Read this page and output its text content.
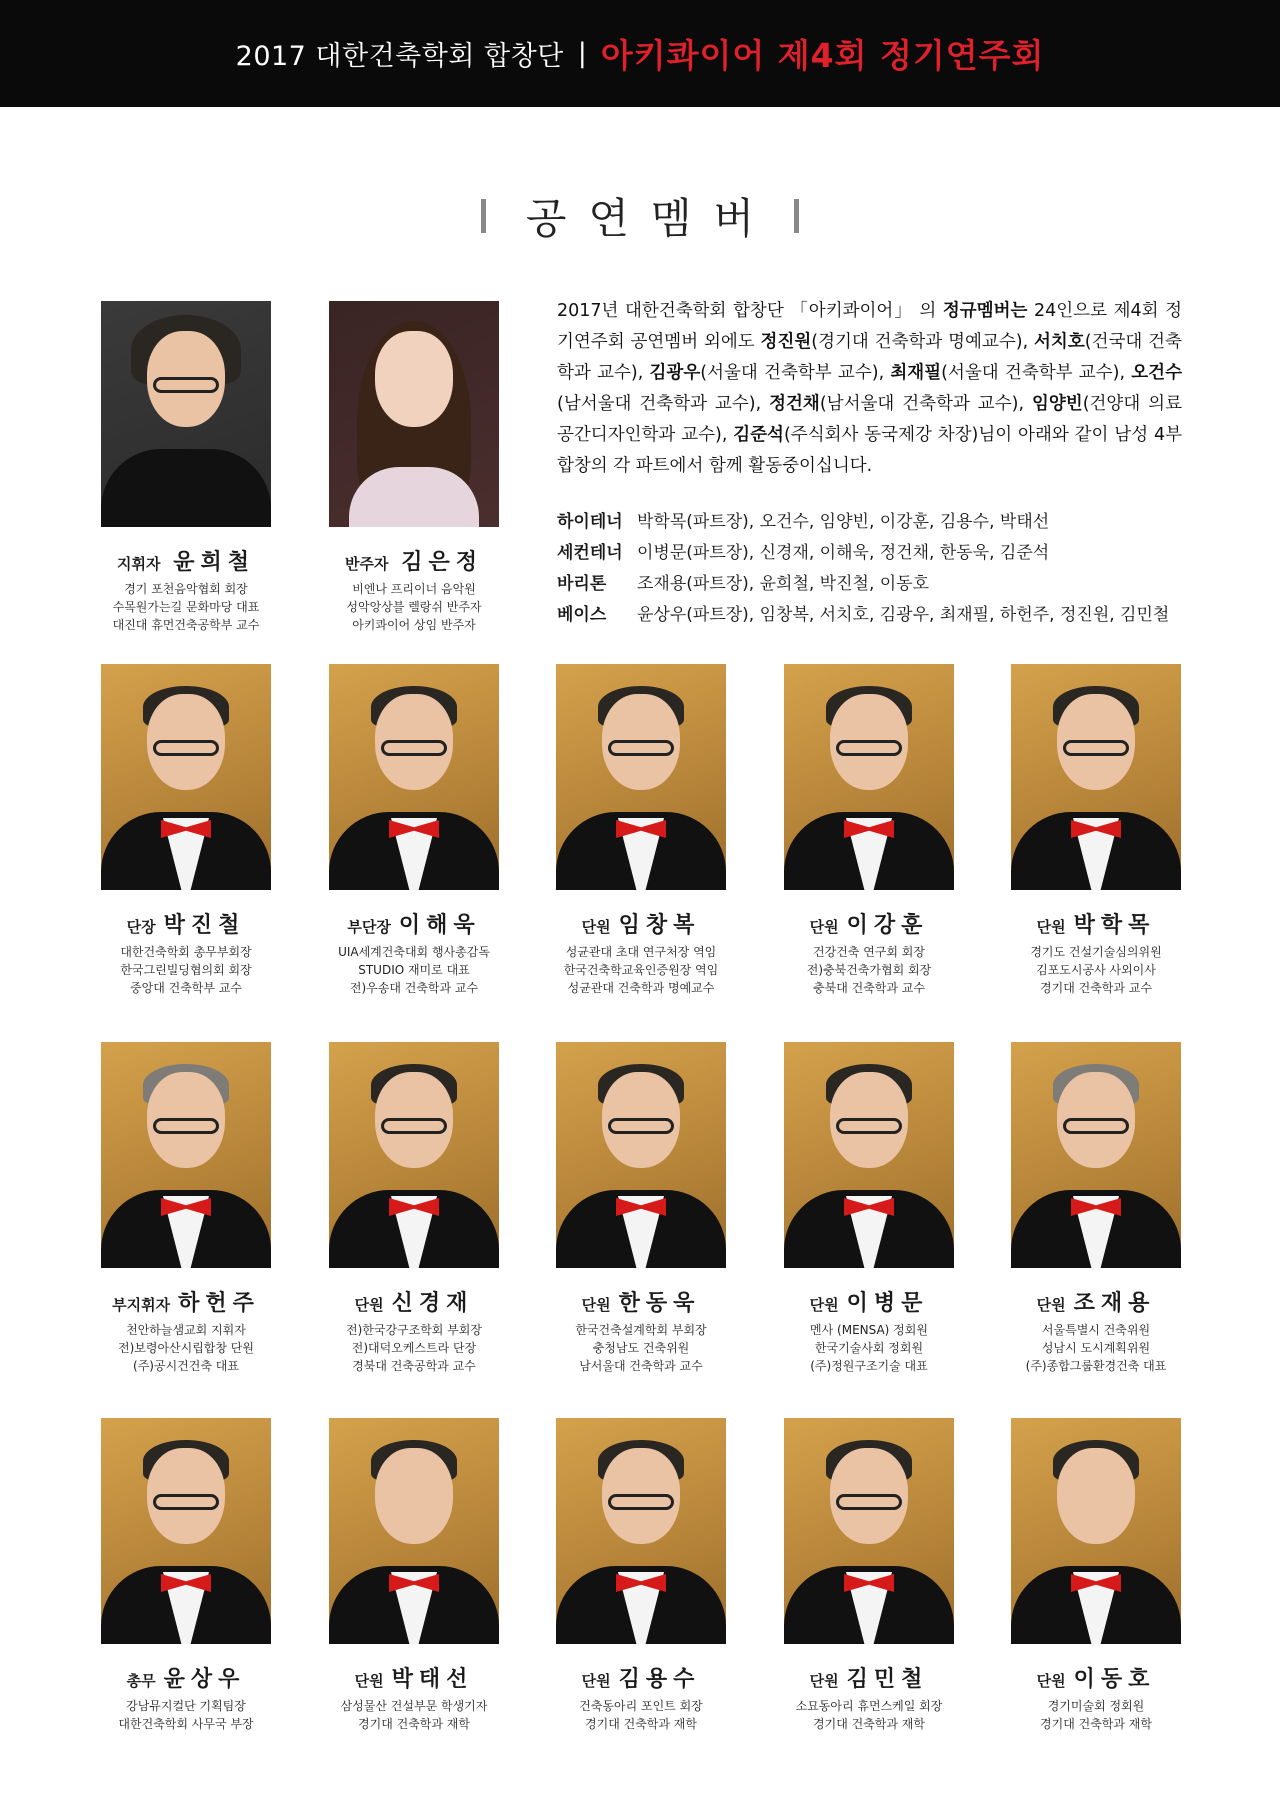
2017 대한건축학회 합창단 | 아키콰이어 제4회 정기연주회
공연멤버
지휘자 윤희철
경기 포천음악협회 회장
수목원가는길 문화마당 대표
대진대 휴먼건축공학부 교수
반주자 김은정
비엔나 프리이너 음악원
성악앙상블 렐랑쉬 반주자
아키콰이어 상임 반주자
2017년 대한건축학회 합창단 「아키콰이어」 의 정규멤버는 24인으로 제4회 정기연주회 공연멤버 외에도 정진원(경기대 건축학과 명예교수), 서치호(건국대 건축학과 교수), 김광우(서울대 건축학부 교수), 최재필(서울대 건축학부 교수), 오건수(남서울대 건축학과 교수), 정건채(남서울대 건축학과 교수), 임양빈(건양대 의료공간디자인학과 교수), 김준석(주식회사 동국제강 차장)님이 아래와 같이 남성 4부 합창의 각 파트에서 함께 활동중이십니다.
하이테너 박학목(파트장), 오건수, 임양빈, 이강훈, 김용수, 박태선
세컨테너 이병문(파트장), 신경재, 이해욱, 정건채, 한동욱, 김준석
바리톤 조재용(파트장), 윤희철, 박진철, 이동호
베이스 윤상우(파트장), 임창복, 서치호, 김광우, 최재필, 하헌주, 정진원, 김민철
단장 박진철
대한건축학회 총무부회장
한국그린빌딩협의회 회장
중앙대 건축학부 교수
부단장 이해욱
UIA세계건축대회 행사총감독
STUDIO 재미로 대표
전)우송대 건축학과 교수
단원 임창복
성균관대 초대 연구처장 역임
한국건축학교육인증원장 역임
성균관대 건축학과 명예교수
단원 이강훈
건강건축 연구회 회장
전)충북건축가협회 회장
충북대 건축학과 교수
단원 박학목
경기도 건설기술심의위원
김포도시공사 사외이사
경기대 건축학과 교수
부지휘자 하헌주
천안하늘샘교회 지휘자
전)보령아산시립합창 단원
(주)공시건건축 대표
단원 신경재
전)한국강구조학회 부회장
전)대덕오케스트라 단장
경북대 건축공학과 교수
단원 한동욱
한국건축설계학회 부회장
충청남도 건축위원
남서울대 건축학과 교수
단원 이병문
멘사 (MENSA) 정회원
한국기술사회 정회원
(주)정원구조기술 대표
단원 조재용
서울특별시 건축위원
성남시 도시계획위원
(주)종합그룹환경건축 대표
총무 윤상우
강남뮤지컬단 기획팀장
대한건축학회 사무국 부장
단원 박태선
삼성물산 건설부문 학생기자
경기대 건축학과 재학
단원 김용수
건축동아리 포인트 회장
경기대 건축학과 재학
단원 김민철
소묘동아리 휴먼스케일 회장
경기대 건축학과 재학
단원 이동호
경기미술회 정회원
경기대 건축학과 재학
